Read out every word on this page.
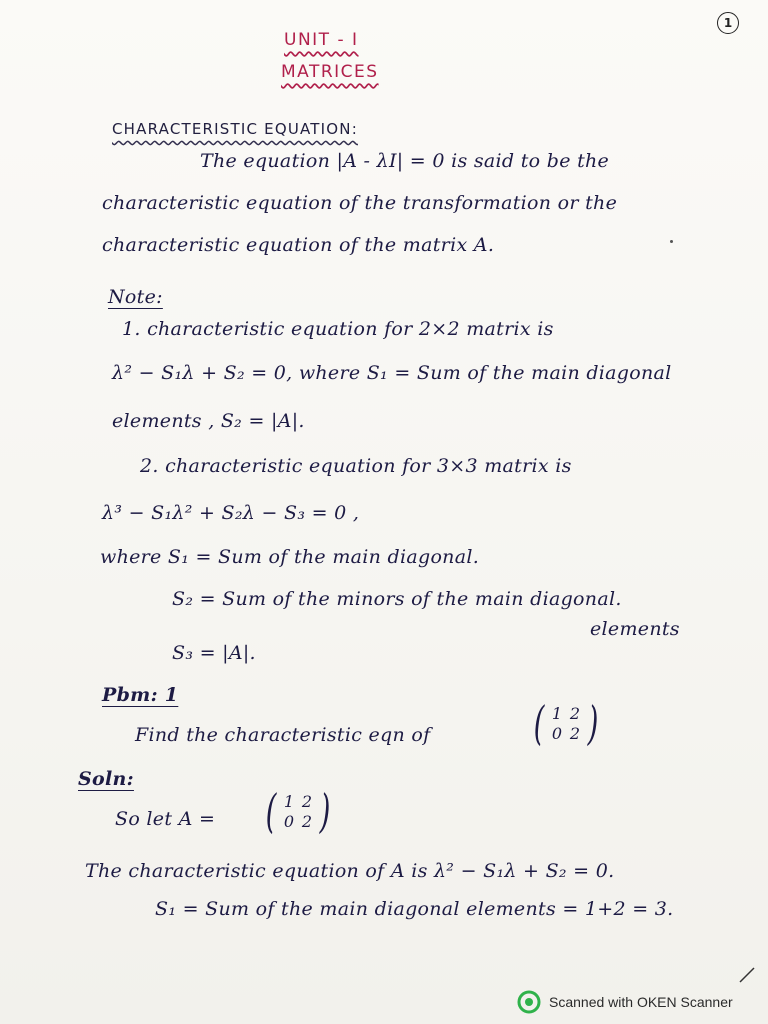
1
UNIT - I
MATRICES
CHARACTERISTIC EQUATION:
The equation |A - λI| = 0 is said to be the
characteristic equation of the transformation or the
characteristic equation of the matrix A.
Note:
1. characteristic equation for 2×2 matrix is
λ² − S₁λ + S₂ = 0, where S₁ = Sum of the main diagonal
elements , S₂ = |A|.
2. characteristic equation for 3×3 matrix is
λ³ − S₁λ² + S₂λ − S₃ = 0 ,
where S₁ = Sum of the main diagonal.
S₂ = Sum of the minors of the main diagonal.
elements
S₃ = |A|.
Pbm: 1
Find the characteristic eqn of ( 1 2
0 2 )
Soln:
So let A = ( 1 2
0 2 )
The characteristic equation of A is λ² − S₁λ + S₂ = 0.
S₁ = Sum of the main diagonal elements = 1+2 = 3.
Scanned with OKEN Scanner
